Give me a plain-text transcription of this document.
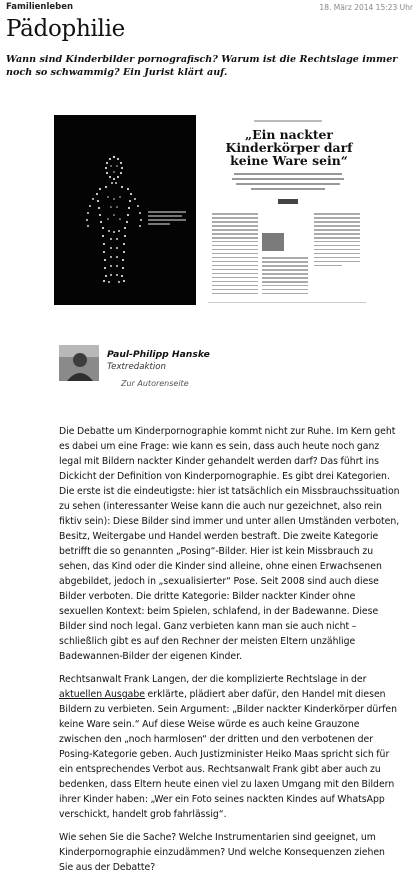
Familienleben	18. März 2014 15:23 Uhr
Pädophilie

Wann sind Kinderbilder pornografisch? Warum ist die Rechtslage immer noch so schwammig? Ein Jurist klärt auf.

„Ein nackter Kinderkörper darf keine Ware sein“
Paul-Philipp Hanske
Textredaktion
Zur Autorenseite

Die Debatte um Kinderpornographie kommt nicht zur Ruhe. Im Kern geht es dabei um eine Frage: wie kann es sein, dass auch heute noch ganz legal mit Bildern nackter Kinder gehandelt werden darf? Das führt ins Dickicht der Definition von Kinderpornographie. Es gibt drei Kategorien. Die erste ist die eindeutigste: hier ist tatsächlich ein Missbrauchssituation zu sehen (interessanter Weise kann die auch nur gezeichnet, also rein fiktiv sein): Diese Bilder sind immer und unter allen Umständen verboten, Besitz, Weitergabe und Handel werden bestraft. Die zweite Kategorie betrifft die so genannten „Posing“-Bilder. Hier ist kein Missbrauch zu sehen, das Kind oder die Kinder sind alleine, ohne einen Erwachsenen abgebildet, jedoch in „sexualisierter“ Pose. Seit 2008 sind auch diese Bilder verboten. Die dritte Kategorie: Bilder nackter Kinder ohne sexuellen Kontext: beim Spielen, schlafend, in der Badewanne. Diese Bilder sind noch legal. Ganz verbieten kann man sie auch nicht – schließlich gibt es auf den Rechner der meisten Eltern unzählige Badewannen-Bilder der eigenen Kinder.

Rechtsanwalt Frank Langen, der die komplizierte Rechtslage in der aktuellen Ausgabe erklärte, plädiert aber dafür, den Handel mit diesen Bildern zu verbieten. Sein Argument: „Bilder nackter Kinderkörper dürfen keine Ware sein.“ Auf diese Weise würde es auch keine Grauzone zwischen den „noch harmlosen“ der dritten und den verbotenen der Posing-Kategorie geben. Auch Justizminister Heiko Maas spricht sich für ein entsprechendes Verbot aus. Rechtsanwalt Frank gibt aber auch zu bedenken, dass Eltern heute einen viel zu laxen Umgang mit den Bildern ihrer Kinder haben: „Wer ein Foto seines nackten Kindes auf WhatsApp verschickt, handelt grob fahrlässig“.

Wie sehen Sie die Sache? Welche Instrumentarien sind geeignet, um Kinderpornographie einzudämmen? Und welche Konsequenzen ziehen Sie aus der Debatte?
